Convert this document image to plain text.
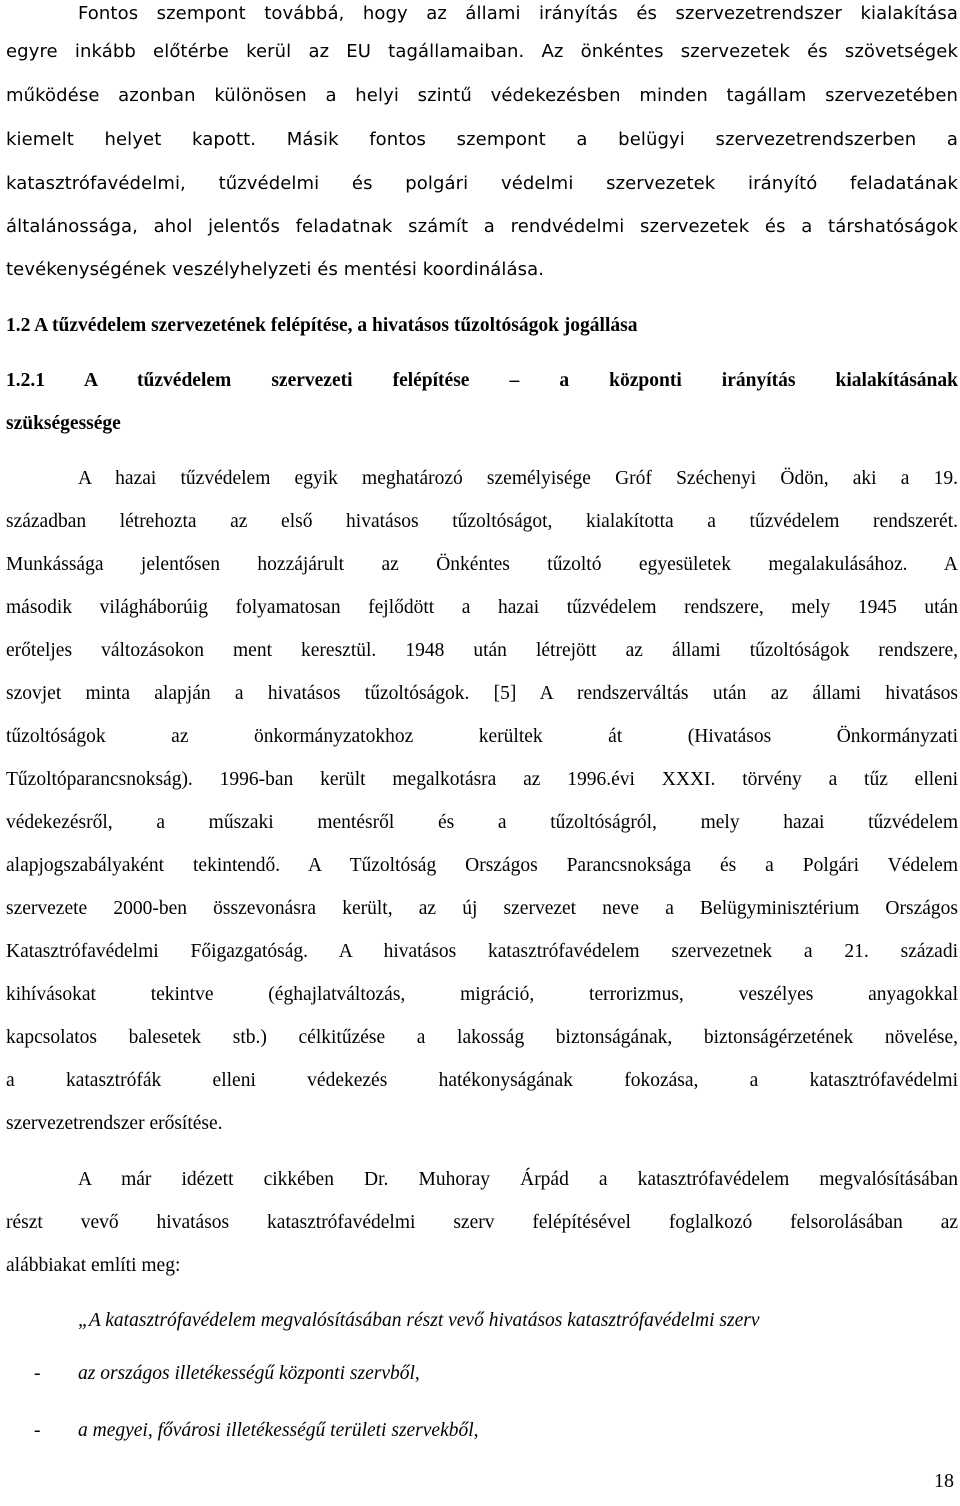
Fontos szempont továbbá, hogy az állami irányítás és szervezetrendszer kialakítása
egyre inkább előtérbe kerül az EU tagállamaiban. Az önkéntes szervezetek és szövetségek
működése azonban különösen a helyi szintű védekezésben minden tagállam szervezetében
kiemelt helyet kapott. Másik fontos szempont a belügyi szervezetrendszerben a
katasztrófavédelmi, tűzvédelmi és polgári védelmi szervezetek irányító feladatának
általánossága, ahol jelentős feladatnak számít a rendvédelmi szervezetek és a társhatóságok
tevékenységének veszélyhelyzeti és mentési koordinálása.
1.2 A tűzvédelem szervezetének felépítése, a hivatásos tűzoltóságok jogállása
1.2.1 A tűzvédelem szervezeti felépítése – a központi irányítás kialakításának
szükségessége
A hazai tűzvédelem egyik meghatározó személyisége Gróf Széchenyi Ödön, aki a 19.
században létrehozta az első hivatásos tűzoltóságot, kialakította a tűzvédelem rendszerét.
Munkássága jelentősen hozzájárult az Önkéntes tűzoltó egyesületek megalakulásához. A
második világháborúig folyamatosan fejlődött a hazai tűzvédelem rendszere, mely 1945 után
erőteljes változásokon ment keresztül. 1948 után létrejött az állami tűzoltóságok rendszere,
szovjet minta alapján a hivatásos tűzoltóságok. [5] A rendszerváltás után az állami hivatásos
tűzoltóságok az önkormányzatokhoz kerültek át (Hivatásos Önkormányzati
Tűzoltóparancsnokság). 1996-ban került megalkotásra az 1996.évi XXXI. törvény a tűz elleni
védekezésről, a műszaki mentésről és a tűzoltóságról, mely hazai tűzvédelem
alapjogszabályaként tekintendő. A Tűzoltóság Országos Parancsnoksága és a Polgári Védelem
szervezete 2000-ben összevonásra került, az új szervezet neve a Belügyminisztérium Országos
Katasztrófavédelmi Főigazgatóság. A hivatásos katasztrófavédelem szervezetnek a 21. századi
kihívásokat tekintve (éghajlatváltozás, migráció, terrorizmus, veszélyes anyagokkal
kapcsolatos balesetek stb.) célkitűzése a lakosság biztonságának, biztonságérzetének növelése,
a katasztrófák elleni védekezés hatékonyságának fokozása, a katasztrófavédelmi
szervezetrendszer erősítése.
A már idézett cikkében Dr. Muhoray Árpád a katasztrófavédelem megvalósításában
részt vevő hivatásos katasztrófavédelmi szerv felépítésével foglalkozó felsorolásában az
alábbiakat említi meg:
„A katasztrófavédelem megvalósításában részt vevő hivatásos katasztrófavédelmi szerv
- az országos illetékességű központi szervből,
- a megyei, fővárosi illetékességű területi szervekből,
18
